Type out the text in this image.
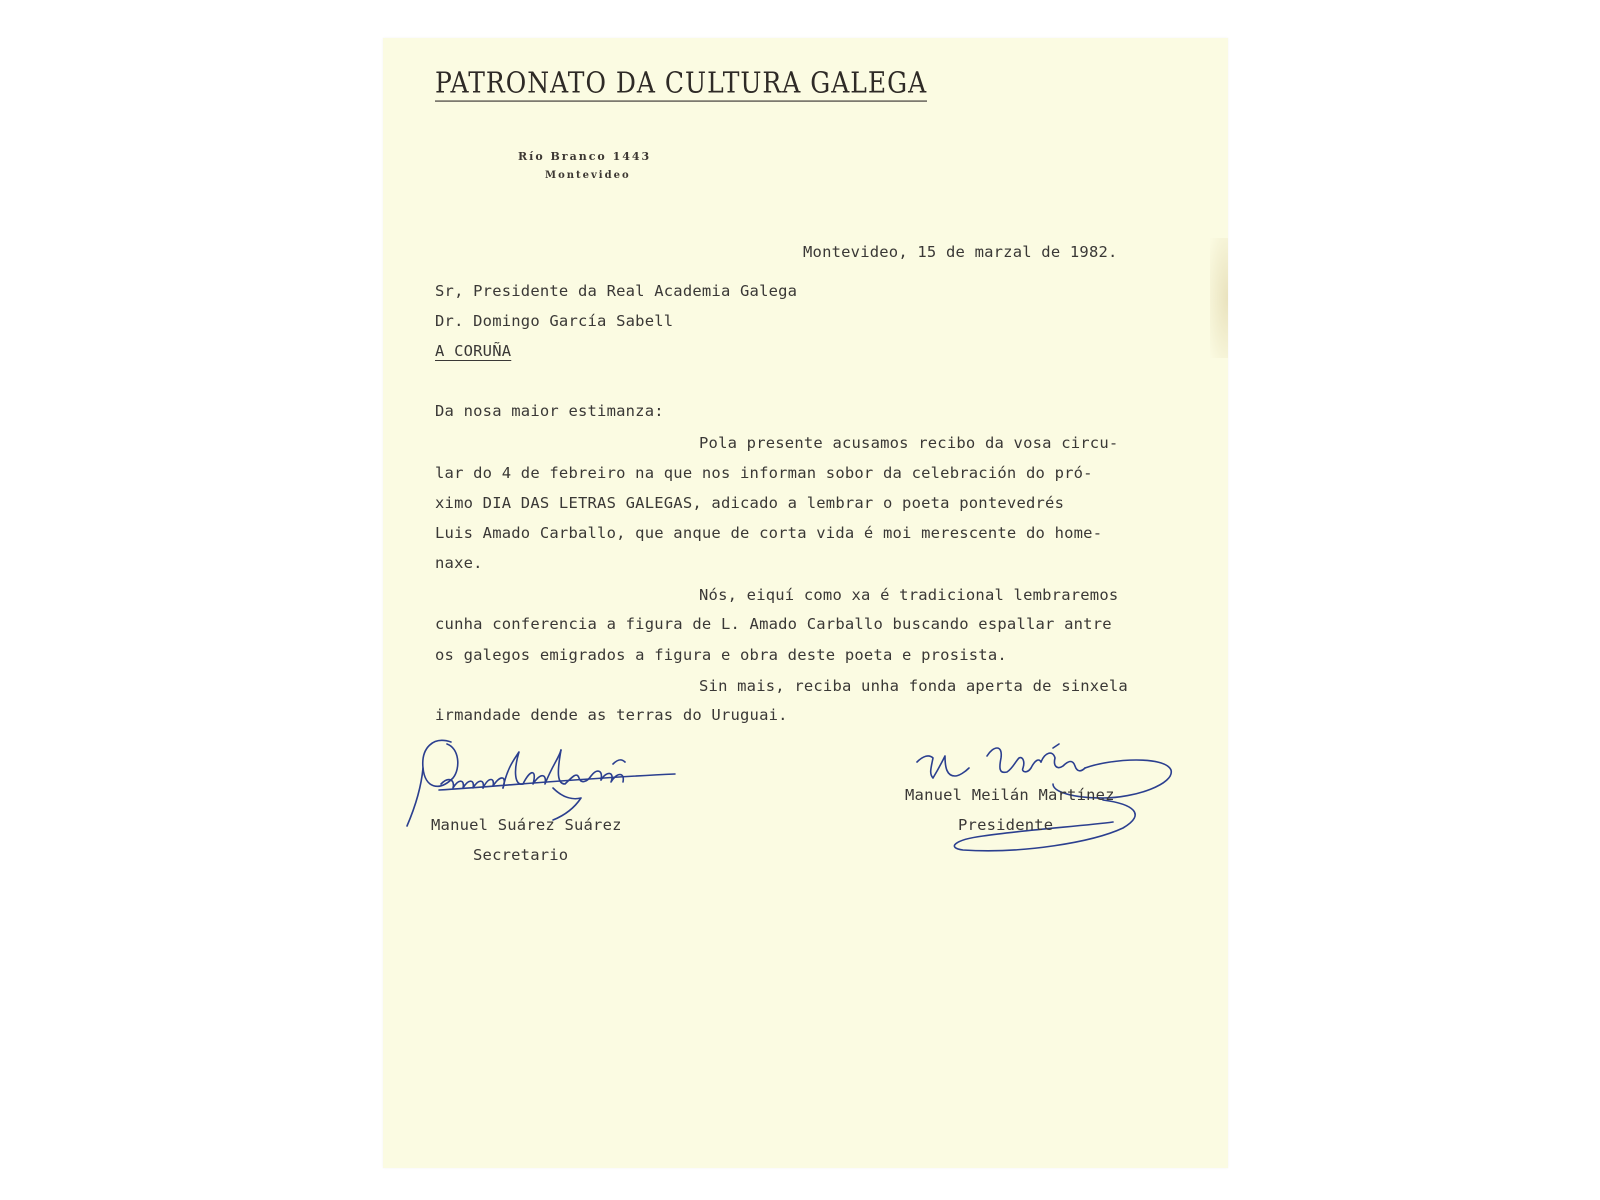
PATRONATO DA CULTURA GALEGA
Río Branco 1443
Montevideo
Montevideo, 15 de marzal de 1982.
Sr, Presidente da Real Academia Galega
Dr. Domingo García Sabell
A CORUÑA
Da nosa maior estimanza:
Pola presente acusamos recibo da vosa circu-
lar do 4 de febreiro na que nos informan sobor da celebración do pró-
ximo DIA DAS LETRAS GALEGAS, adicado a lembrar o poeta pontevedrés
Luis Amado Carballo, que anque de corta vida é moi merescente do home-
naxe.
Nós, eiquí como xa é tradicional lembraremos
cunha conferencia a figura de L. Amado Carballo buscando espallar antre
os galegos emigrados a figura e obra deste poeta e prosista.
Sin mais, reciba unha fonda aperta de sinxela
irmandade dende as terras do Uruguai.
Manuel Suárez Suárez
Secretario
Manuel Meilán Martínez
Presidente
